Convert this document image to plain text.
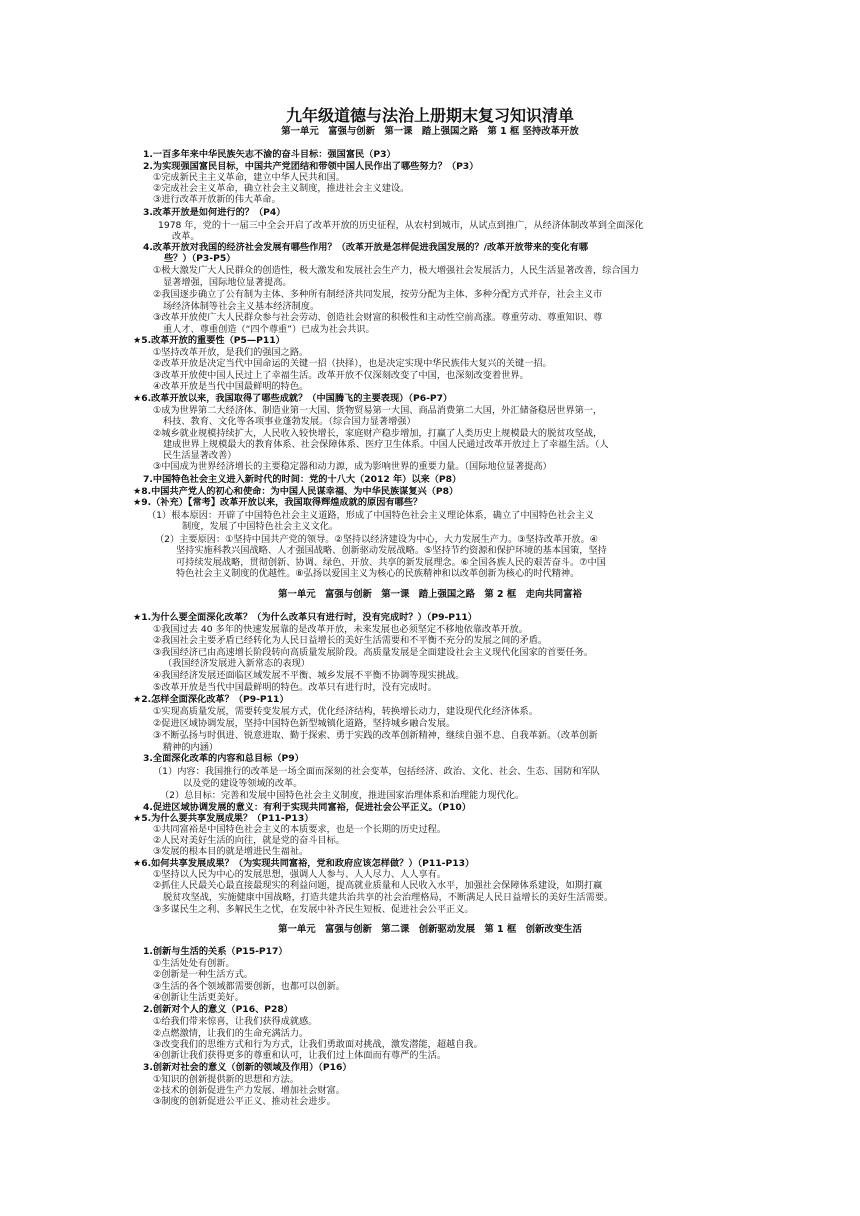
九年级道德与法治上册期末复习知识清单
第一单元　富强与创新　第一课　踏上强国之路　第 1 框 坚持改革开放
1.一百多年来中华民族矢志不渝的奋斗目标：强国富民（P3）
2.为实现强国富民目标，中国共产党团结和带领中国人民作出了哪些努力？（P3）
①完成新民主主义革命，建立中华人民共和国。
②完成社会主义革命，确立社会主义制度，推进社会主义建设。
③进行改革开放新的伟大革命。
3.改革开放是如何进行的？（P4）
1978 年，党的十一届三中全会开启了改革开放的历史征程，从农村到城市，从试点到推广，从经济体制改革到全面深化
改革。
4.改革开放对我国的经济社会发展有哪些作用？（改革开放是怎样促进我国发展的？/改革开放带来的变化有哪
些？）（P3-P5）
①极大激发广大人民群众的创造性，极大激发和发展社会生产力，极大增强社会发展活力，人民生活显著改善，综合国力
显著增强，国际地位显著提高。
②我国逐步确立了公有制为主体、多种所有制经济共同发展，按劳分配为主体、多种分配方式并存，社会主义市
场经济体制等社会主义基本经济制度。
③改革开放使广大人民群众参与社会劳动、创造社会财富的积极性和主动性空前高涨。尊重劳动、尊重知识、尊
重人才、尊重创造（“四个尊重”）已成为社会共识。
★5.改革开放的重要性（P5—P11）
①坚持改革开放，是我们的强国之路。
②改革开放是决定当代中国命运的关键一招（抉择），也是决定实现中华民族伟大复兴的关键一招。
③改革开放使中国人民过上了幸福生活。改革开放不仅深刻改变了中国，也深刻改变着世界。
④改革开放是当代中国最鲜明的特色。
★6.改革开放以来，我国取得了哪些成就？（中国腾飞的主要表现）（P6-P7）
①成为世界第二大经济体、制造业第一大国、货物贸易第一大国、商品消费第二大国，外汇储备稳居世界第一，
科技、教育、文化等各项事业蓬勃发展。（综合国力显著增强）
②城乡就业规模持续扩大，人民收入较快增长，家庭财产稳步增加，打赢了人类历史上规模最大的脱贫攻坚战，
建成世界上规模最大的教育体系、社会保障体系、医疗卫生体系。中国人民通过改革开放过上了幸福生活。（人
民生活显著改善）
③中国成为世界经济增长的主要稳定器和动力源，成为影响世界的重要力量。（国际地位显著提高）
7.中国特色社会主义进入新时代的时间：党的十八大（2012 年）以来（P8）
★8.中国共产党人的初心和使命：为中国人民谋幸福、为中华民族谋复兴（P8）
★9.（补充）【常考】改革开放以来，我国取得辉煌成就的原因有哪些？
（1）根本原因：开辟了中国特色社会主义道路，形成了中国特色社会主义理论体系，确立了中国特色社会主义
制度，发展了中国特色社会主义文化。
（2）主要原因：①坚持中国共产党的领导。②坚持以经济建设为中心，大力发展生产力。③坚持改革开放。④
坚持实施科教兴国战略、人才强国战略、创新驱动发展战略。⑤坚持节约资源和保护环境的基本国策，坚持
可持续发展战略，贯彻创新、协调、绿色、开放、共享的新发展理念。⑥全国各族人民的艰苦奋斗。⑦中国
特色社会主义制度的优越性。⑧弘扬以爱国主义为核心的民族精神和以改革创新为核心的时代精神。
第一单元　富强与创新　第一课　踏上强国之路　第 2 框　走向共同富裕
★1.为什么要全面深化改革？（为什么改革只有进行时，没有完成时？）（P9-P11）
①我国过去 40 多年的快速发展靠的是改革开放，未来发展也必须坚定不移地依靠改革开放。
②我国社会主要矛盾已经转化为人民日益增长的美好生活需要和不平衡不充分的发展之间的矛盾。
③我国经济已由高速增长阶段转向高质量发展阶段。高质量发展是全面建设社会主义现代化国家的首要任务。
（我国经济发展进入新常态的表现）
④我国经济发展还面临区域发展不平衡、城乡发展不平衡不协调等现实挑战。
⑤改革开放是当代中国最鲜明的特色。改革只有进行时，没有完成时。
★2.怎样全面深化改革？（P9-P11）
①实现高质量发展，需要转变发展方式，优化经济结构，转换增长动力，建设现代化经济体系。
②促进区域协调发展，坚持中国特色新型城镇化道路，坚持城乡融合发展。
③不断弘扬与时俱进、锐意进取、勤于探索、勇于实践的改革创新精神，继续自强不息、自我革新。（改革创新
精神的内涵）
3.全面深化改革的内容和总目标（P9）
（1）内容：我国推行的改革是一场全面而深刻的社会变革，包括经济、政治、文化、社会、生态、国防和军队
以及党的建设等领域的改革。
（2）总目标：完善和发展中国特色社会主义制度，推进国家治理体系和治理能力现代化。
4.促进区域协调发展的意义：有利于实现共同富裕，促进社会公平正义。（P10）
★5.为什么要共享发展成果？（P11-P13）
①共同富裕是中国特色社会主义的本质要求，也是一个长期的历史过程。
②人民对美好生活的向往，就是党的奋斗目标。
③发展的根本目的就是增进民生福祉。
★6.如何共享发展成果？（为实现共同富裕，党和政府应该怎样做？）（P11-P13）
①坚持以人民为中心的发展思想，强调人人参与、人人尽力、人人享有。
②抓住人民最关心最直接最现实的利益问题，提高就业质量和人民收入水平，加强社会保障体系建设，如期打赢
脱贫攻坚战，实施健康中国战略，打造共建共治共享的社会治理格局，不断满足人民日益增长的美好生活需要。
③多谋民生之利、多解民生之忧，在发展中补齐民生短板、促进社会公平正义。
第一单元　富强与创新　第二课　创新驱动发展　第 1 框　创新改变生活
1.创新与生活的关系（P15-P17）
①生活处处有创新。
②创新是一种生活方式。
③生活的各个领域都需要创新，也都可以创新。
④创新让生活更美好。
2.创新对个人的意义（P16、P28）
①给我们带来惊喜，让我们获得成就感。
②点燃激情，让我们的生命充满活力。
③改变我们的思维方式和行为方式，让我们勇敢面对挑战，激发潜能，超越自我。
④创新让我们获得更多的尊重和认可，让我们过上体面而有尊严的生活。
3.创新对社会的意义（创新的领域及作用）（P16）
①知识的创新提供新的思想和方法。
②技术的创新促进生产力发展、增加社会财富。
③制度的创新促进公平正义、推动社会进步。
